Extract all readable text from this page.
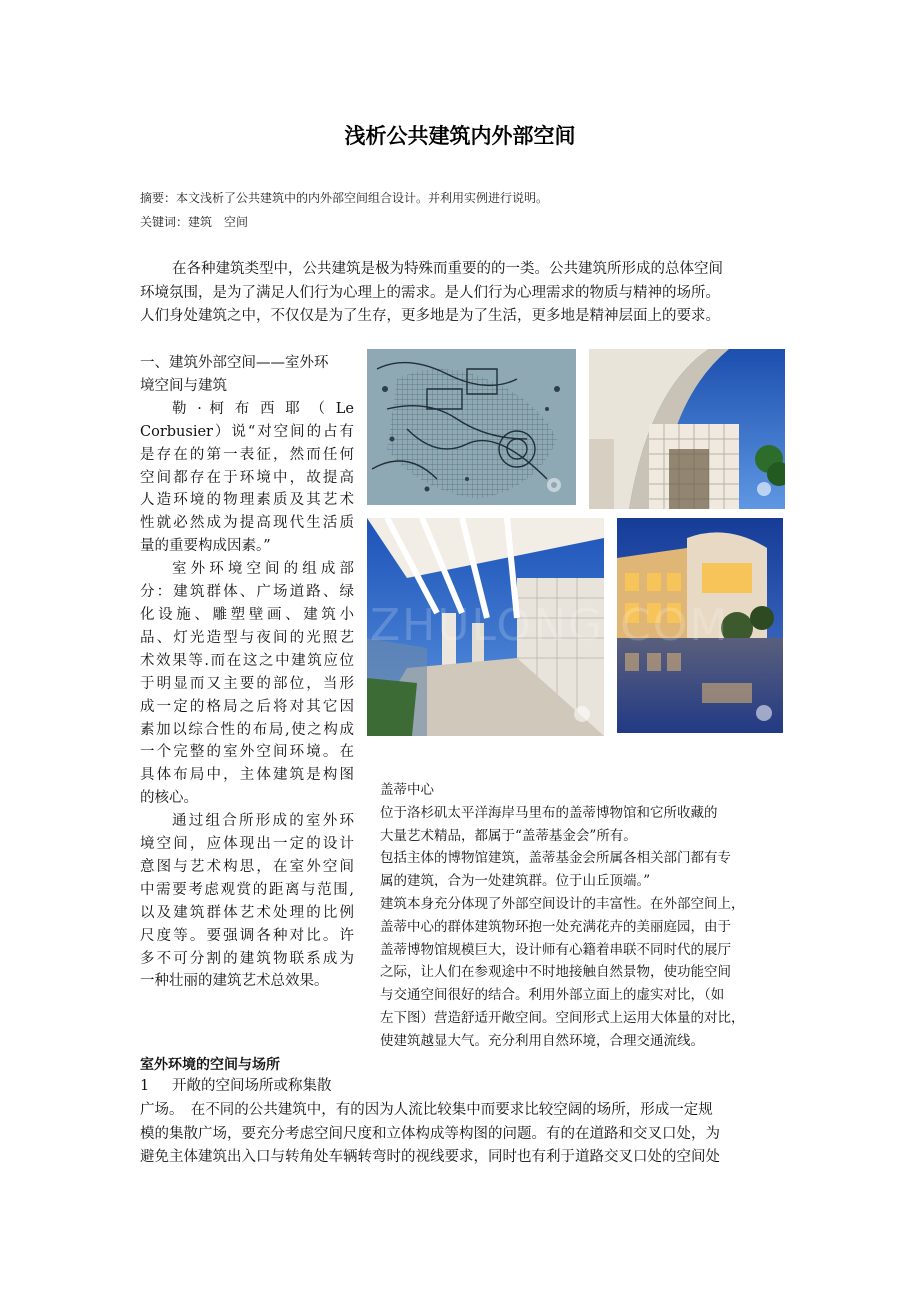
浅析公共建筑内外部空间
摘要：本文浅析了公共建筑中的内外部空间组合设计。并利用实例进行说明。
关键词：建筑　空间
在各种建筑类型中，公共建筑是极为特殊而重要的的一类。公共建筑所形成的总体空间
环境氛围，是为了满足人们行为心理上的需求。是人们行为心理需求的物质与精神的场所。
人们身处建筑之中，不仅仅是为了生存，更多地是为了生活，更多地是精神层面上的要求。
一、建筑外部空间——室外环
境空间与建筑
勒 · 柯 布 西 耶 （ Le
Corbusier）说“对空间的占有
是存在的第一表征，然而任何
空间都存在于环境中，故提高
人造环境的物理素质及其艺术
性就必然成为提高现代生活质
量的重要构成因素。”
室外环境空间的组成部
分：建筑群体、广场道路、绿
化设施、雕塑壁画、建筑小
品、灯光造型与夜间的光照艺
术效果等.而在这之中建筑应位
于明显而又主要的部位，当形
成一定的格局之后将对其它因
素加以综合性的布局,使之构成
一个完整的室外空间环境。在
具体布局中，主体建筑是构图
的核心。
通过组合所形成的室外环
境空间，应体现出一定的设计
意图与艺术构思，在室外空间
中需要考虑观赏的距离与范围,
以及建筑群体艺术处理的比例
尺度等。要强调各种对比。许
多不可分割的建筑物联系成为
一种壮丽的建筑艺术总效果。
室外环境的空间与场所
1 开敞的空间场所或称集散
广场。　在不同的公共建筑中，有的因为人流比较集中而要求比较空阔的场所，形成一定规
模的集散广场，要充分考虑空间尺度和立体构成等构图的问题。有的在道路和交叉口处，为
避免主体建筑出入口与转角处车辆转弯时的视线要求，同时也有利于道路交叉口处的空间处
ZHULONG.COM

盖蒂中心

位于洛杉矶太平洋海岸马里布的盖蒂博物馆和它所收藏的

大量艺术精品，都属于“盖蒂基金会”所有。

包括主体的博物馆建筑，盖蒂基金会所属各相关部门都有专

属的建筑，合为一处建筑群。位于山丘顶端。”

建筑本身充分体现了外部空间设计的丰富性。在外部空间上，

盖蒂中心的群体建筑物环抱一处充满花卉的美丽庭园，由于

盖蒂博物馆规模巨大，设计师有心籍着串联不同时代的展厅

之际，让人们在参观途中不时地接触自然景物，使功能空间

与交通空间很好的结合。利用外部立面上的虚实对比，（如

左下图）营造舒适开敞空间。空间形式上运用大体量的对比，

使建筑越显大气。充分利用自然环境，合理交通流线。
